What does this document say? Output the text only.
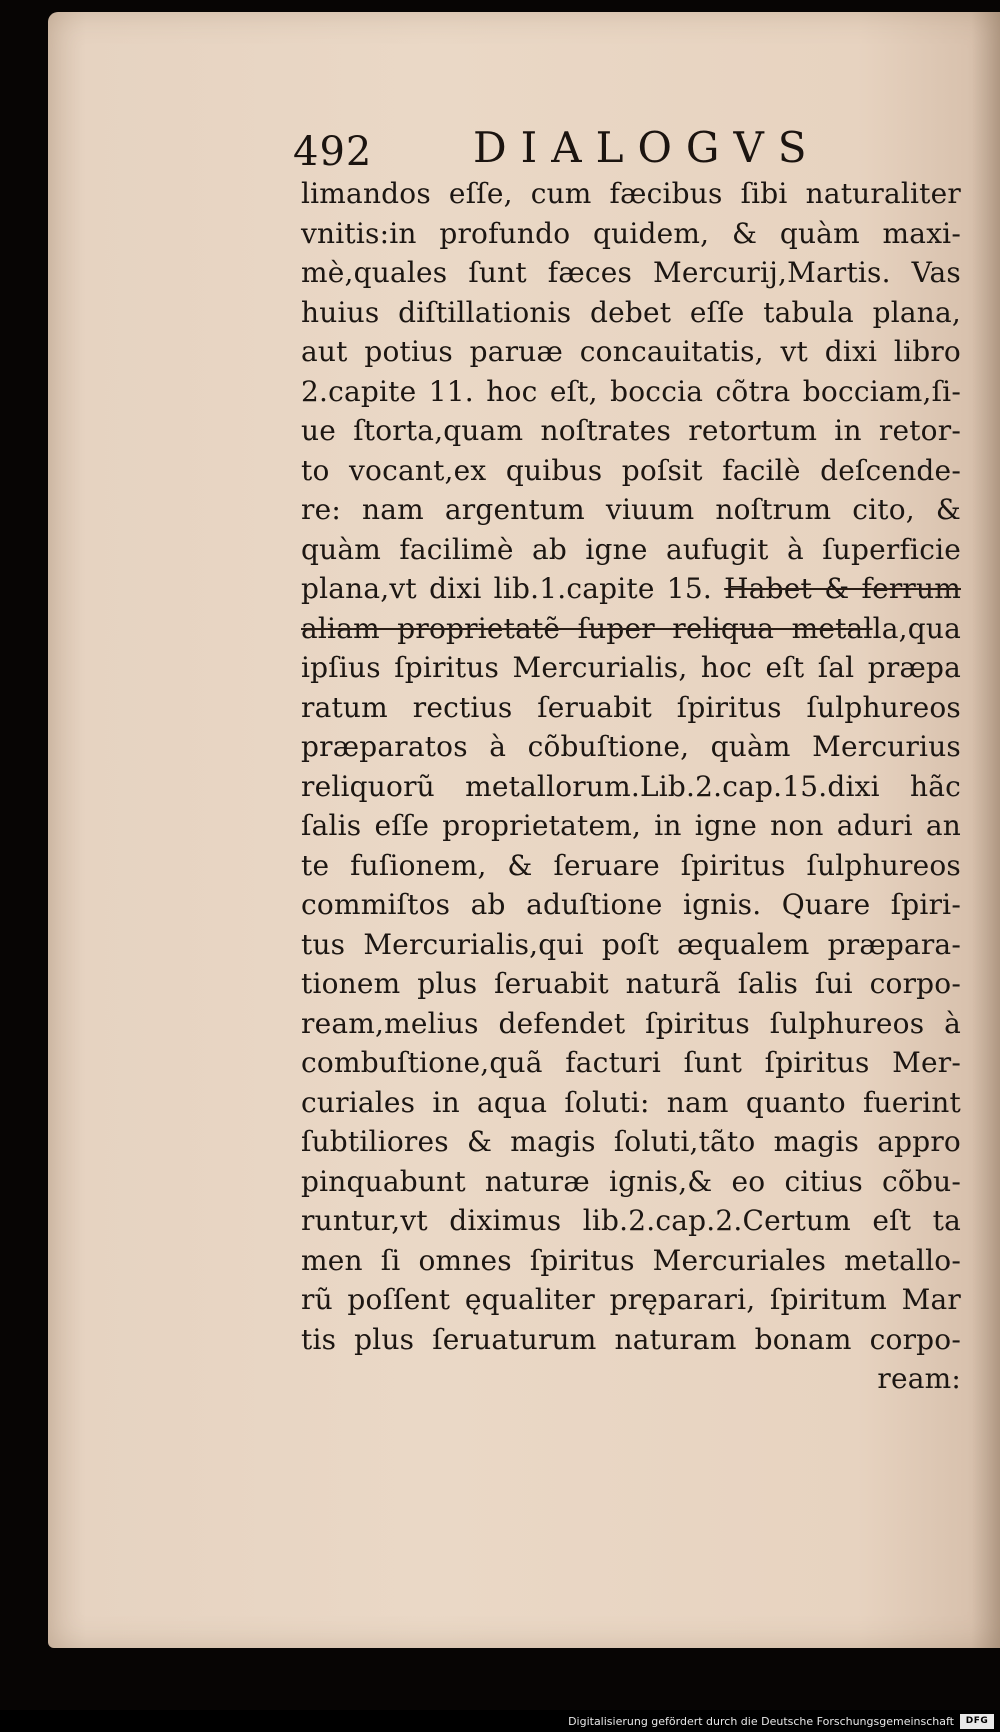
492 DIALOGVS
limandos eſſe, cum fæcibus ſibi naturaliter
vnitis:in profundo quidem, & quàm maxi-
mè,quales ſunt fæces Mercurij,Martis. Vas
huius diſtillationis debet eſſe tabula plana,
aut potius paruæ concauitatis, vt dixi libro
2.capite 11. hoc eſt, boccia cõtra bocciam,ſi-
ue ſtorta,quam noſtrates retortum in retor-
to vocant,ex quibus poſsit facilè deſcende-
re: nam argentum viuum noſtrum cito, &
quàm facilimè ab igne aufugit à ſuperficie
plana,vt dixi lib.1.capite 15. Habet & ferrum
aliam proprietatẽ ſuper reliqua metalla,qua
ipſius ſpiritus Mercurialis, hoc eſt ſal præpa
ratum rectius ſeruabit ſpiritus ſulphureos
præparatos à cõbuſtione, quàm Mercurius
reliquorũ metallorum.Lib.2.cap.15.dixi hãc
ſalis eſſe proprietatem, in igne non aduri an
te fuſionem, & ſeruare ſpiritus ſulphureos
commiſtos ab aduſtione ignis. Quare ſpiri-
tus Mercurialis,qui poſt æqualem præpara-
tionem plus ſeruabit naturã ſalis ſui corpo-
ream,melius defendet ſpiritus ſulphureos à
combuſtione,quã facturi ſunt ſpiritus Mer-
curiales in aqua ſoluti: nam quanto fuerint
ſubtiliores & magis ſoluti,tãto magis appro
pinquabunt naturæ ignis,& eo citius cõbu-
runtur,vt diximus lib.2.cap.2.Certum eſt ta
men ſi omnes ſpiritus Mercuriales metallo-
rũ poſſent ęqualiter pręparari, ſpiritum Mar
tis plus ſeruaturum naturam bonam corpo-
ream:
Digitalisierung gefördert durch die Deutsche Forschungsgemeinschaft	DFG
